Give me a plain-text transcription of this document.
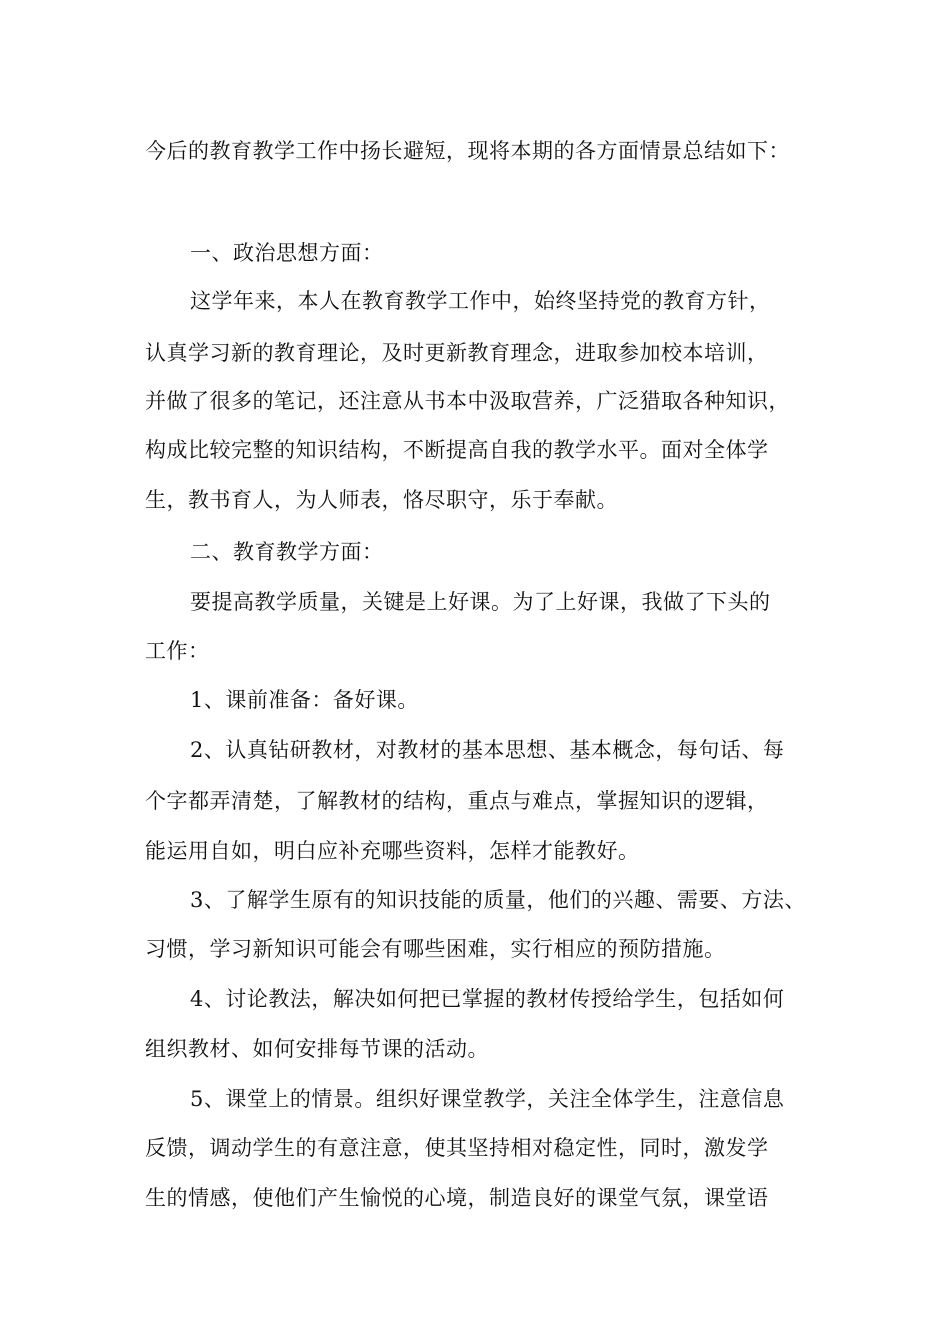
今后的教育教学工作中扬长避短，现将本期的各方面情景总结如下：
一、政治思想方面：
这学年来，本人在教育教学工作中，始终坚持党的教育方针，
认真学习新的教育理论，及时更新教育理念，进取参加校本培训，
并做了很多的笔记，还注意从书本中汲取营养，广泛猎取各种知识，
构成比较完整的知识结构，不断提高自我的教学水平。面对全体学
生，教书育人，为人师表，恪尽职守，乐于奉献。
二、教育教学方面：
要提高教学质量，关键是上好课。为了上好课，我做了下头的
工作：
1、课前准备：备好课。
2、认真钻研教材，对教材的基本思想、基本概念，每句话、每
个字都弄清楚，了解教材的结构，重点与难点，掌握知识的逻辑，
能运用自如，明白应补充哪些资料，怎样才能教好。
3、了解学生原有的知识技能的质量，他们的兴趣、需要、方法、
习惯，学习新知识可能会有哪些困难，实行相应的预防措施。
4、讨论教法，解决如何把已掌握的教材传授给学生，包括如何
组织教材、如何安排每节课的活动。
5、课堂上的情景。组织好课堂教学，关注全体学生，注意信息
反馈，调动学生的有意注意，使其坚持相对稳定性，同时，激发学
生的情感，使他们产生愉悦的心境，制造良好的课堂气氛，课堂语
